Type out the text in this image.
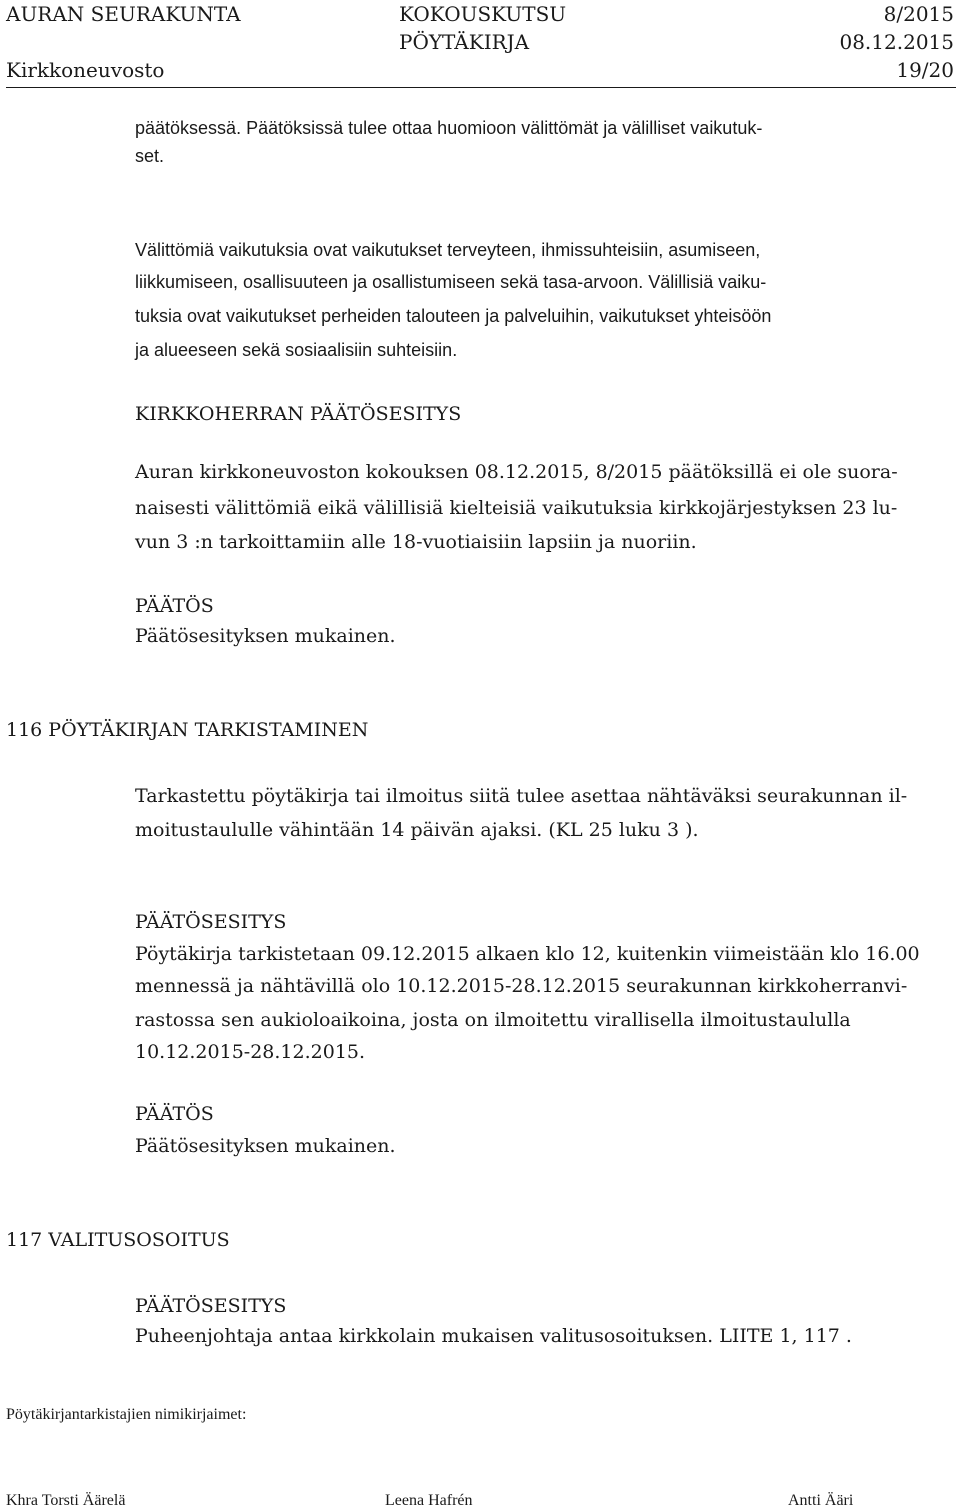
AURAN SEURAKUNTA
Kirkkoneuvosto
KOKOUSKUTSU
PÖYTÄKIRJA
8/2015
08.12.2015
19/20
päätöksessä. Päätöksissä tulee ottaa huomioon välittömät ja välilliset vaikutuk-
set.
Välittömiä vaikutuksia ovat vaikutukset terveyteen, ihmissuhteisiin, asumiseen,
liikkumiseen, osallisuuteen ja osallistumiseen sekä tasa-arvoon. Välillisiä vaiku-
tuksia ovat vaikutukset perheiden talouteen ja palveluihin, vaikutukset yhteisöön
ja alueeseen sekä sosiaalisiin suhteisiin.
KIRKKOHERRAN PÄÄTÖSESITYS
Auran kirkkoneuvoston kokouksen 08.12.2015, 8/2015 päätöksillä ei ole suora-
naisesti välittömiä eikä välillisiä kielteisiä vaikutuksia kirkkojärjestyksen 23 lu-
vun 3 :n tarkoittamiin alle 18-vuotiaisiin lapsiin ja nuoriin.
PÄÄTÖS
Päätösesityksen mukainen.
116 PÖYTÄKIRJAN TARKISTAMINEN
Tarkastettu pöytäkirja tai ilmoitus siitä tulee asettaa nähtäväksi seurakunnan il-
moitustaululle vähintään 14 päivän ajaksi. (KL 25 luku 3 ).
PÄÄTÖSESITYS
Pöytäkirja tarkistetaan 09.12.2015 alkaen klo 12, kuitenkin viimeistään klo 16.00
mennessä ja nähtävillä olo 10.12.2015-28.12.2015 seurakunnan kirkkoherranvi-
rastossa sen aukioloaikoina, josta on ilmoitettu virallisella ilmoitustaululla
10.12.2015-28.12.2015.
PÄÄTÖS
Päätösesityksen mukainen.
117 VALITUSOSOITUS
PÄÄTÖSESITYS
Puheenjohtaja antaa kirkkolain mukaisen valitusosoituksen. LIITE 1, 117 .
Pöytäkirjantarkistajien nimikirjaimet:
Khra Torsti Äärelä	Leena Hafrén	Antti Ääri
